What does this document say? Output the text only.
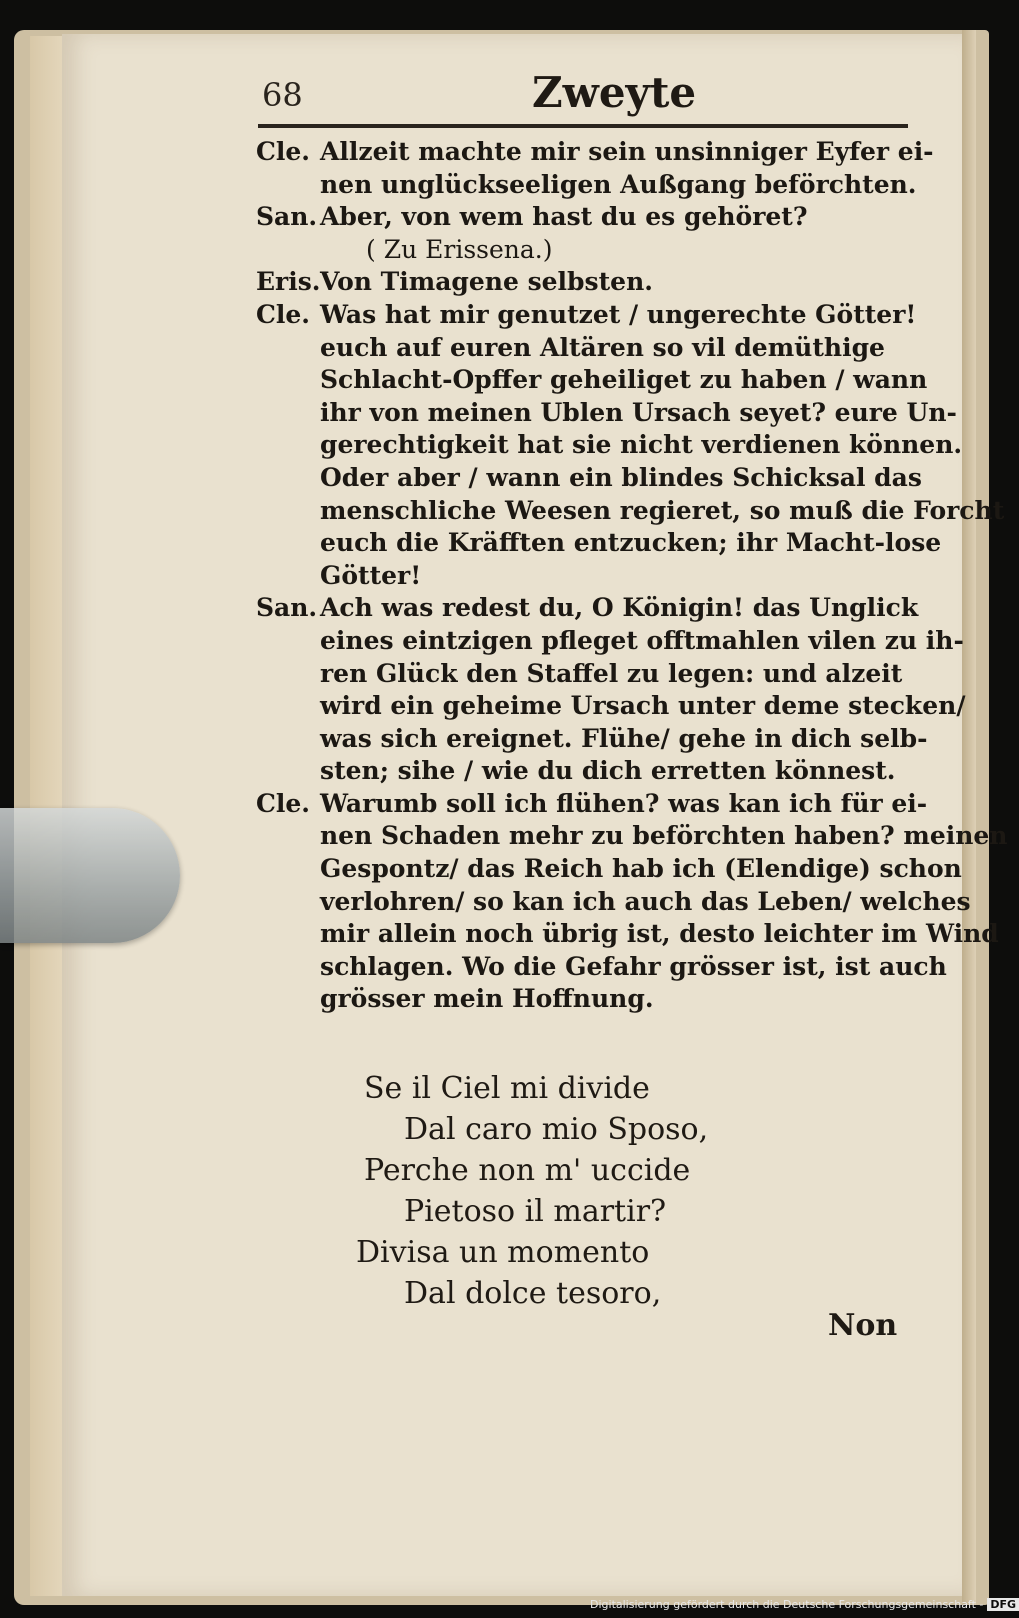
68	Zweyte
Cle. Allzeit machte mir sein unsinniger Eyfer ei-
nen unglückseeligen Außgang beförchten.
San. Aber, von wem hast du es gehöret?
( Zu Erissena.)
Eris. Von Timagene selbsten.
Cle. Was hat mir genutzet / ungerechte Götter!
euch auf euren Altären so vil demüthige
Schlacht-Opffer geheiliget zu haben / wann
ihr von meinen Ublen Ursach seyet? eure Un-
gerechtigkeit hat sie nicht verdienen können.
Oder aber / wann ein blindes Schicksal das
menschliche Weesen regieret, so muß die Forcht
euch die Kräfften entzucken; ihr Macht-lose
Götter!
San. Ach was redest du, O Königin! das Unglick
eines eintzigen pfleget offtmahlen vilen zu ih-
ren Glück den Staffel zu legen: und alzeit
wird ein geheime Ursach unter deme stecken/
was sich ereignet. Flühe/ gehe in dich selb-
sten; sihe / wie du dich erretten könnest.
Cle. Warumb soll ich flühen? was kan ich für ei-
nen Schaden mehr zu beförchten haben? meinen
Gespontz/ das Reich hab ich (Elendige) schon
verlohren/ so kan ich auch das Leben/ welches
mir allein noch übrig ist, desto leichter im Wind
schlagen. Wo die Gefahr grösser ist, ist auch
grösser mein Hoffnung.
Se il Ciel mi divide
Dal caro mio Sposo,
Perche non m' uccide
Pietoso il martir?
Divisa un momento
Dal dolce tesoro,
Non
Digitalisierung gefördert durch die Deutsche Forschungsgemeinschaft - DFG
